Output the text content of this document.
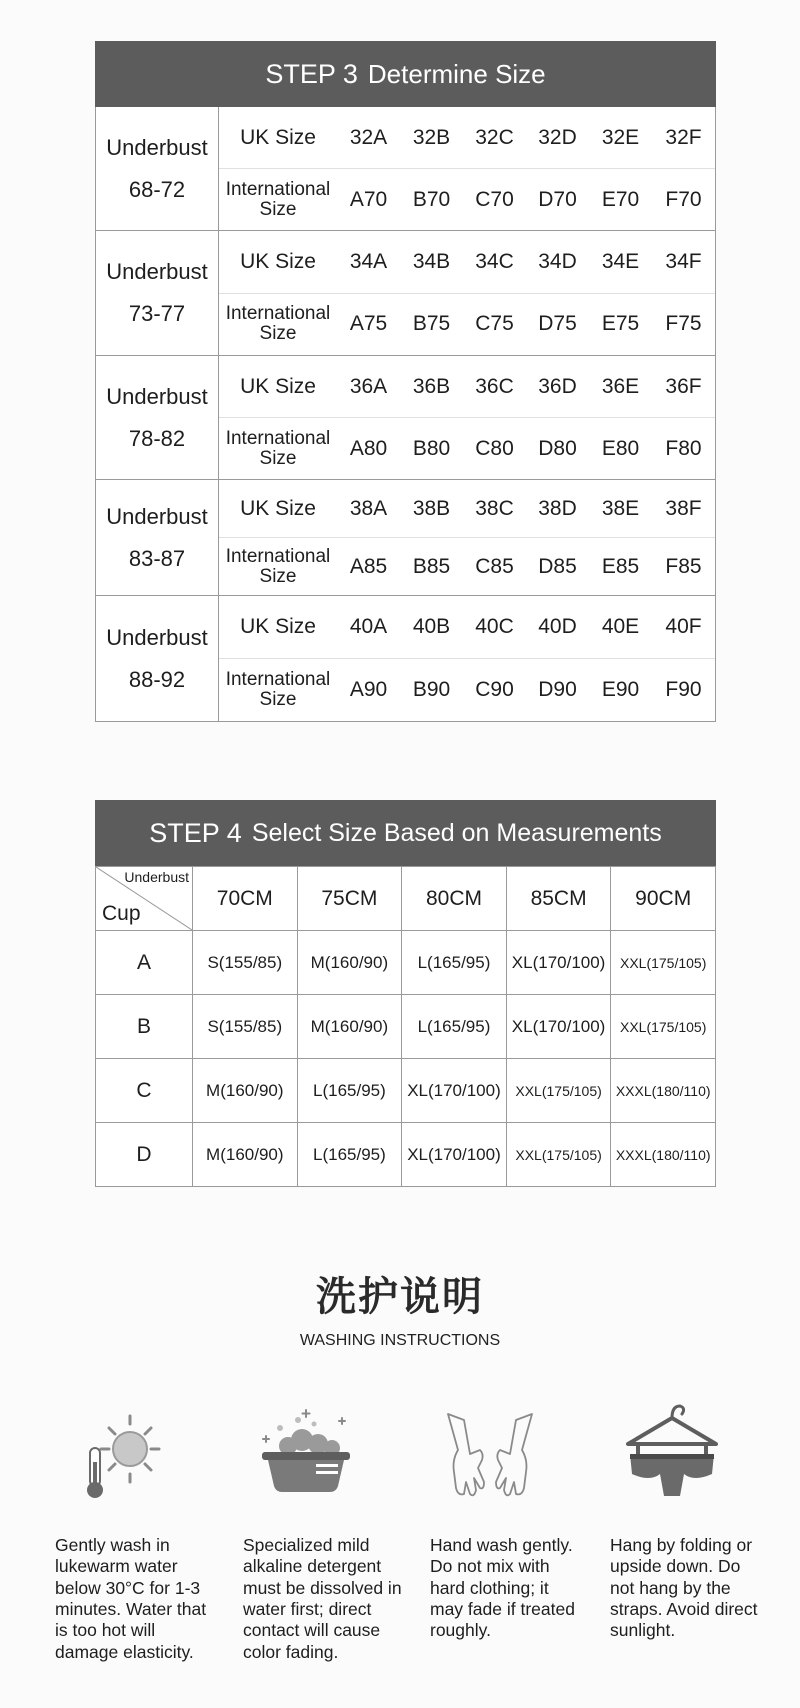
STEP 3 Determine Size
Underbust
68-72
UK Size	32A	32B	32C	32D	32E	32F
International
Size	A70	B70	C70	D70	E70	F70
Underbust
73-77
UK Size	34A	34B	34C	34D	34E	34F
International
Size	A75	B75	C75	D75	E75	F75
Underbust
78-82
UK Size	36A	36B	36C	36D	36E	36F
International
Size	A80	B80	C80	D80	E80	F80
Underbust
83-87
UK Size	38A	38B	38C	38D	38E	38F
International
Size	A85	B85	C85	D85	E85	F85
Underbust
88-92
UK Size	40A	40B	40C	40D	40E	40F
International
Size	A90	B90	C90	D90	E90	F90
STEP 4 Select Size Based on Measurements
Underbust
Cup	70CM	75CM	80CM	85CM	90CM
A	S(155/85)	M(160/90)	L(165/95)	XL(170/100)	XXL(175/105)
B	S(155/85)	M(160/90)	L(165/95)	XL(170/100)	XXL(175/105)
C	M(160/90)	L(165/95)	XL(170/100)	XXL(175/105)	XXXL(180/110)
D	M(160/90)	L(165/95)	XL(170/100)	XXL(175/105)	XXXL(180/110)
洗护说明
WASHING INSTRUCTIONS
Gently wash in lukewarm water below 30°C for 1-3 minutes. Water that is too hot will damage elasticity.
Specialized mild alkaline detergent must be dissolved in water first; direct contact will cause color fading.
Hand wash gently. Do not mix with hard clothing; it may fade if treated roughly.
Hang by folding or upside down. Do not hang by the straps. Avoid direct sunlight.
